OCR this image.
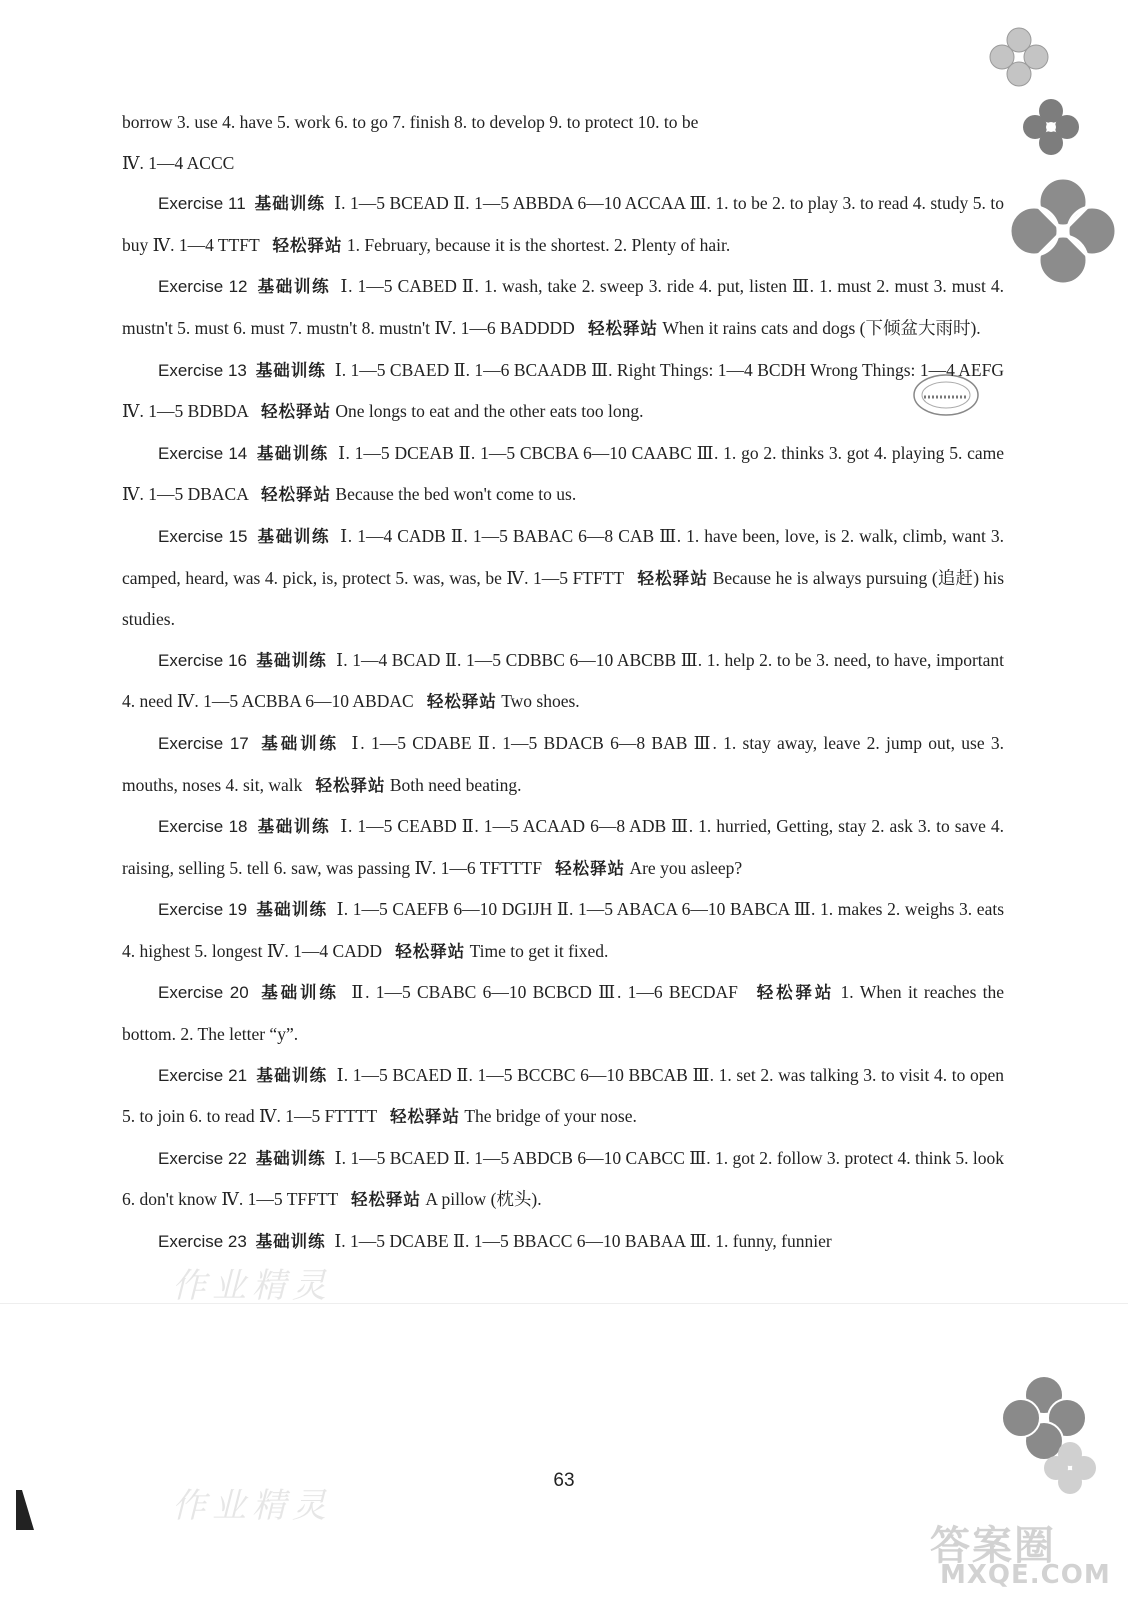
borrow 3. use 4. have 5. work 6. to go 7. finish 8. to develop 9. to protect 10. to be

Ⅳ. 1—4 ACCC

Exercise 11 基础训练 Ⅰ. 1—5 BCEAD Ⅱ. 1—5 ABBDA 6—10 ACCAA Ⅲ. 1. to be 2. to play 3. to read 4. study 5. to buy Ⅳ. 1—4 TTFT   轻松驿站 1. February, because it is the shortest. 2. Plenty of hair.

Exercise 12 基础训练 Ⅰ. 1—5 CABED Ⅱ. 1. wash, take 2. sweep 3. ride 4. put, listen Ⅲ. 1. must 2. must 3. must 4. mustn't 5. must 6. must 7. mustn't 8. mustn't Ⅳ. 1—6 BADDDD   轻松驿站 When it rains cats and dogs (下倾盆大雨时).

Exercise 13 基础训练 Ⅰ. 1—5 CBAED Ⅱ. 1—6 BCAADB Ⅲ. Right Things: 1—4 BCDH Wrong Things: 1—4 AEFG Ⅳ. 1—5 BDBDA   轻松驿站 One longs to eat and the other eats too long.

Exercise 14 基础训练 Ⅰ. 1—5 DCEAB Ⅱ. 1—5 CBCBA 6—10 CAABC Ⅲ. 1. go 2. thinks 3. got 4. playing 5. came Ⅳ. 1—5 DBACA   轻松驿站 Because the bed won't come to us.

Exercise 15 基础训练 Ⅰ. 1—4 CADB Ⅱ. 1—5 BABAC 6—8 CAB Ⅲ. 1. have been, love, is 2. walk, climb, want 3. camped, heard, was 4. pick, is, protect 5. was, was, be Ⅳ. 1—5 FTFTT   轻松驿站 Because he is always pursuing (追赶) his studies.

Exercise 16 基础训练 Ⅰ. 1—4 BCAD Ⅱ. 1—5 CDBBC 6—10 ABCBB Ⅲ. 1. help 2. to be 3. need, to have, important 4. need Ⅳ. 1—5 ACBBA 6—10 ABDAC   轻松驿站 Two shoes.

Exercise 17 基础训练 Ⅰ. 1—5 CDABE Ⅱ. 1—5 BDACB 6—8 BAB Ⅲ. 1. stay away, leave 2. jump out, use 3. mouths, noses 4. sit, walk   轻松驿站 Both need beating.

Exercise 18 基础训练 Ⅰ. 1—5 CEABD Ⅱ. 1—5 ACAAD 6—8 ADB Ⅲ. 1. hurried, Getting, stay 2. ask 3. to save 4. raising, selling 5. tell 6. saw, was passing Ⅳ. 1—6 TFTTTF   轻松驿站 Are you asleep?

Exercise 19 基础训练 Ⅰ. 1—5 CAEFB 6—10 DGIJH Ⅱ. 1—5 ABACA 6—10 BABCA Ⅲ. 1. makes 2. weighs 3. eats 4. highest 5. longest Ⅳ. 1—4 CADD   轻松驿站 Time to get it fixed.

Exercise 20 基础训练 Ⅱ. 1—5 CBABC 6—10 BCBCD Ⅲ. 1—6 BECDAF   轻松驿站 1. When it reaches the bottom. 2. The letter “y”.

Exercise 21 基础训练 Ⅰ. 1—5 BCAED Ⅱ. 1—5 BCCBC 6—10 BBCAB Ⅲ. 1. set 2. was talking 3. to visit 4. to open 5. to join 6. to read Ⅳ. 1—5 FTTTT   轻松驿站 The bridge of your nose.

Exercise 22 基础训练 Ⅰ. 1—5 BCAED Ⅱ. 1—5 ABDCB 6—10 CABCC Ⅲ. 1. got 2. follow 3. protect 4. think 5. look 6. don't know Ⅳ. 1—5 TFFTT   轻松驿站 A pillow (枕头).

Exercise 23 基础训练 Ⅰ. 1—5 DCABE Ⅱ. 1—5 BBACC 6—10 BABAA Ⅲ. 1. funny, funnier

63
作业精灵
作业精灵
答案圈
MXQE.COM
